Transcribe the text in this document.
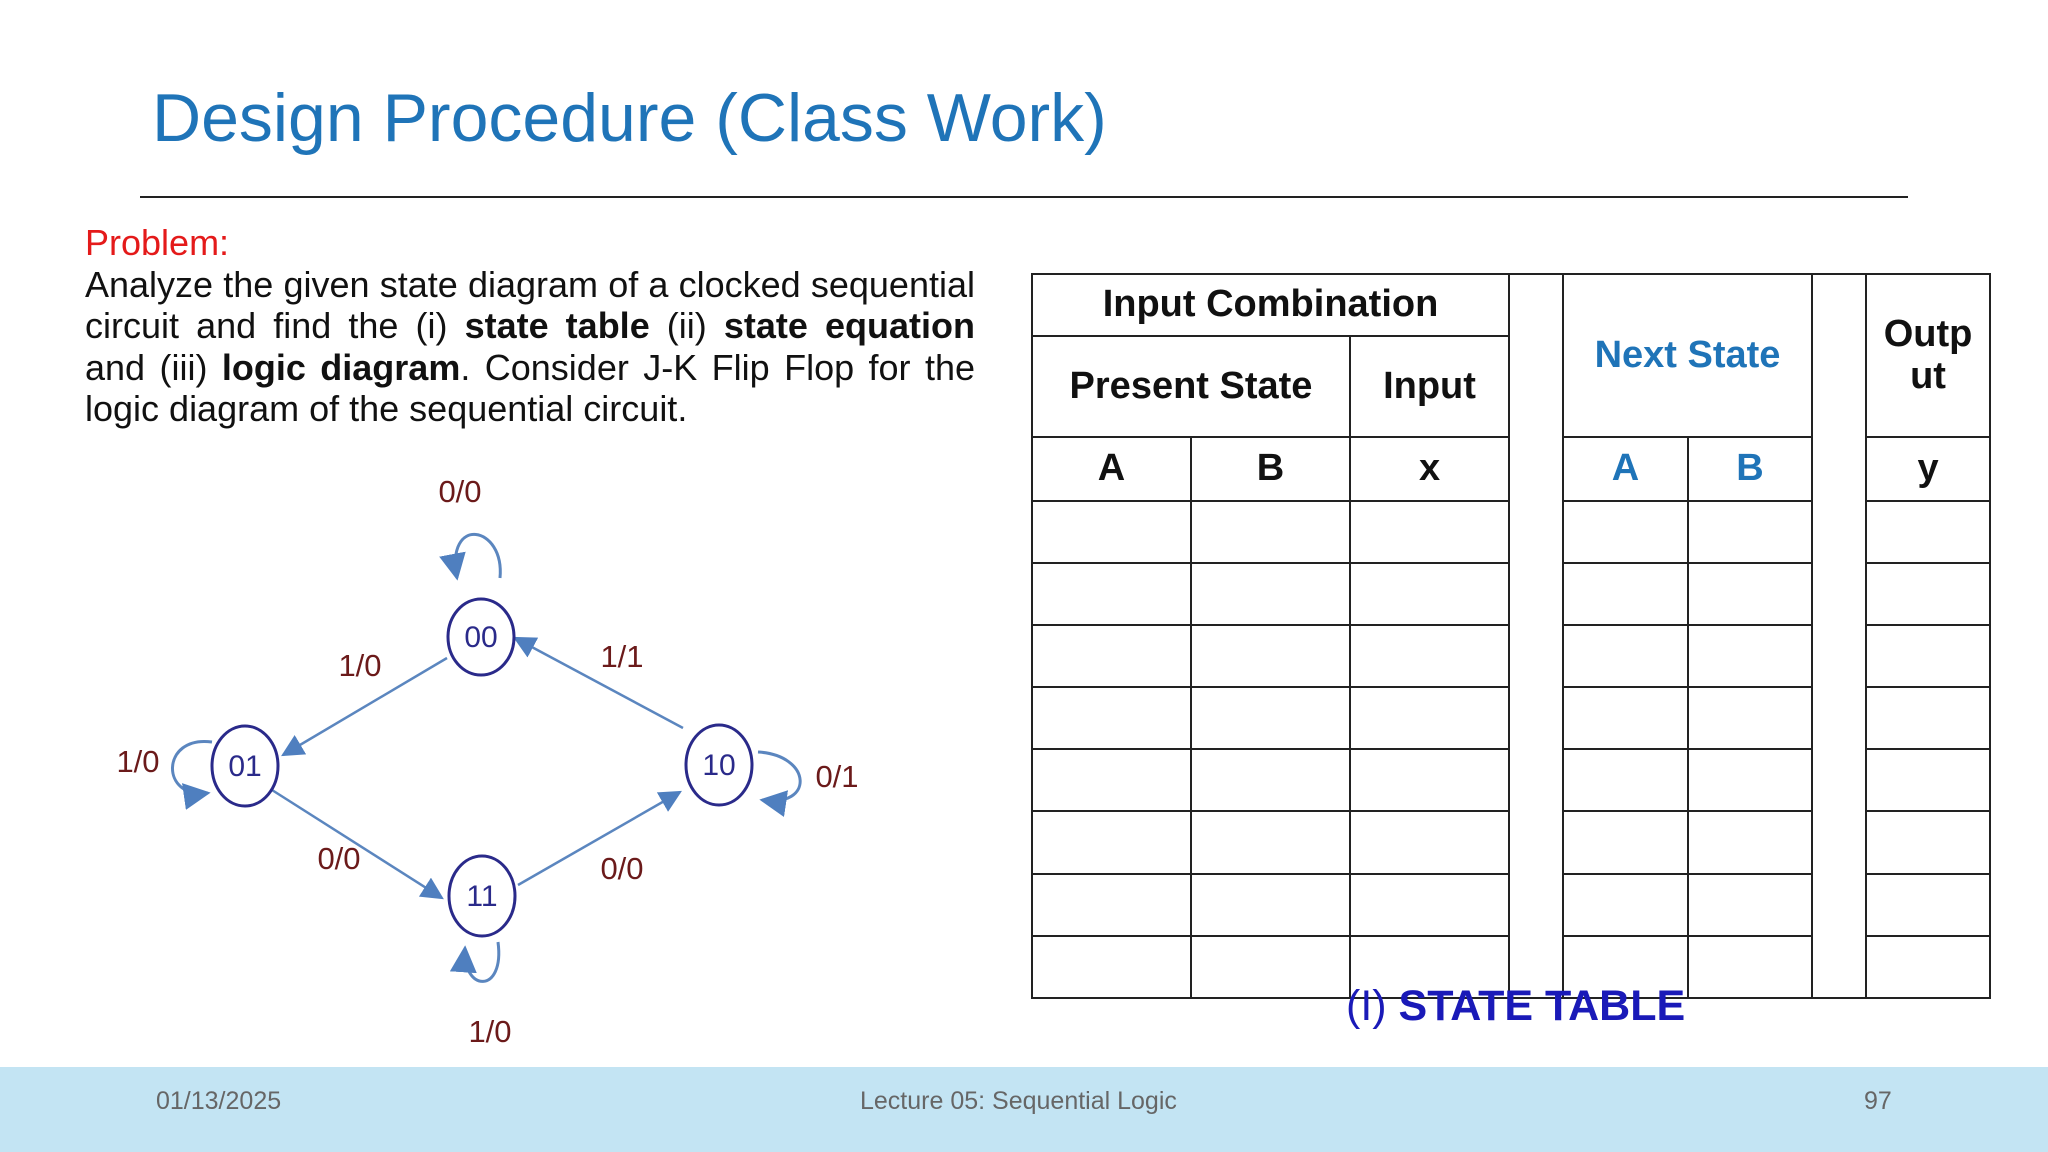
Design Procedure (Class Work)
Problem:

Analyze the given state diagram of a clocked sequential circuit and find the (i) state table (ii) state equation and (iii) logic diagram. Consider J-K Flip Flop for the logic diagram of the sequential circuit.

00
01	10
11
0/0
1/0
1/0
0/0
1/0
0/0
0/1
1/1
Input Combination				Next State			Outp ut
Present State		Input					
A	B	x		A	B		y

(I) STATE TABLE
01/13/2025	Lecture 05: Sequential Logic	97
